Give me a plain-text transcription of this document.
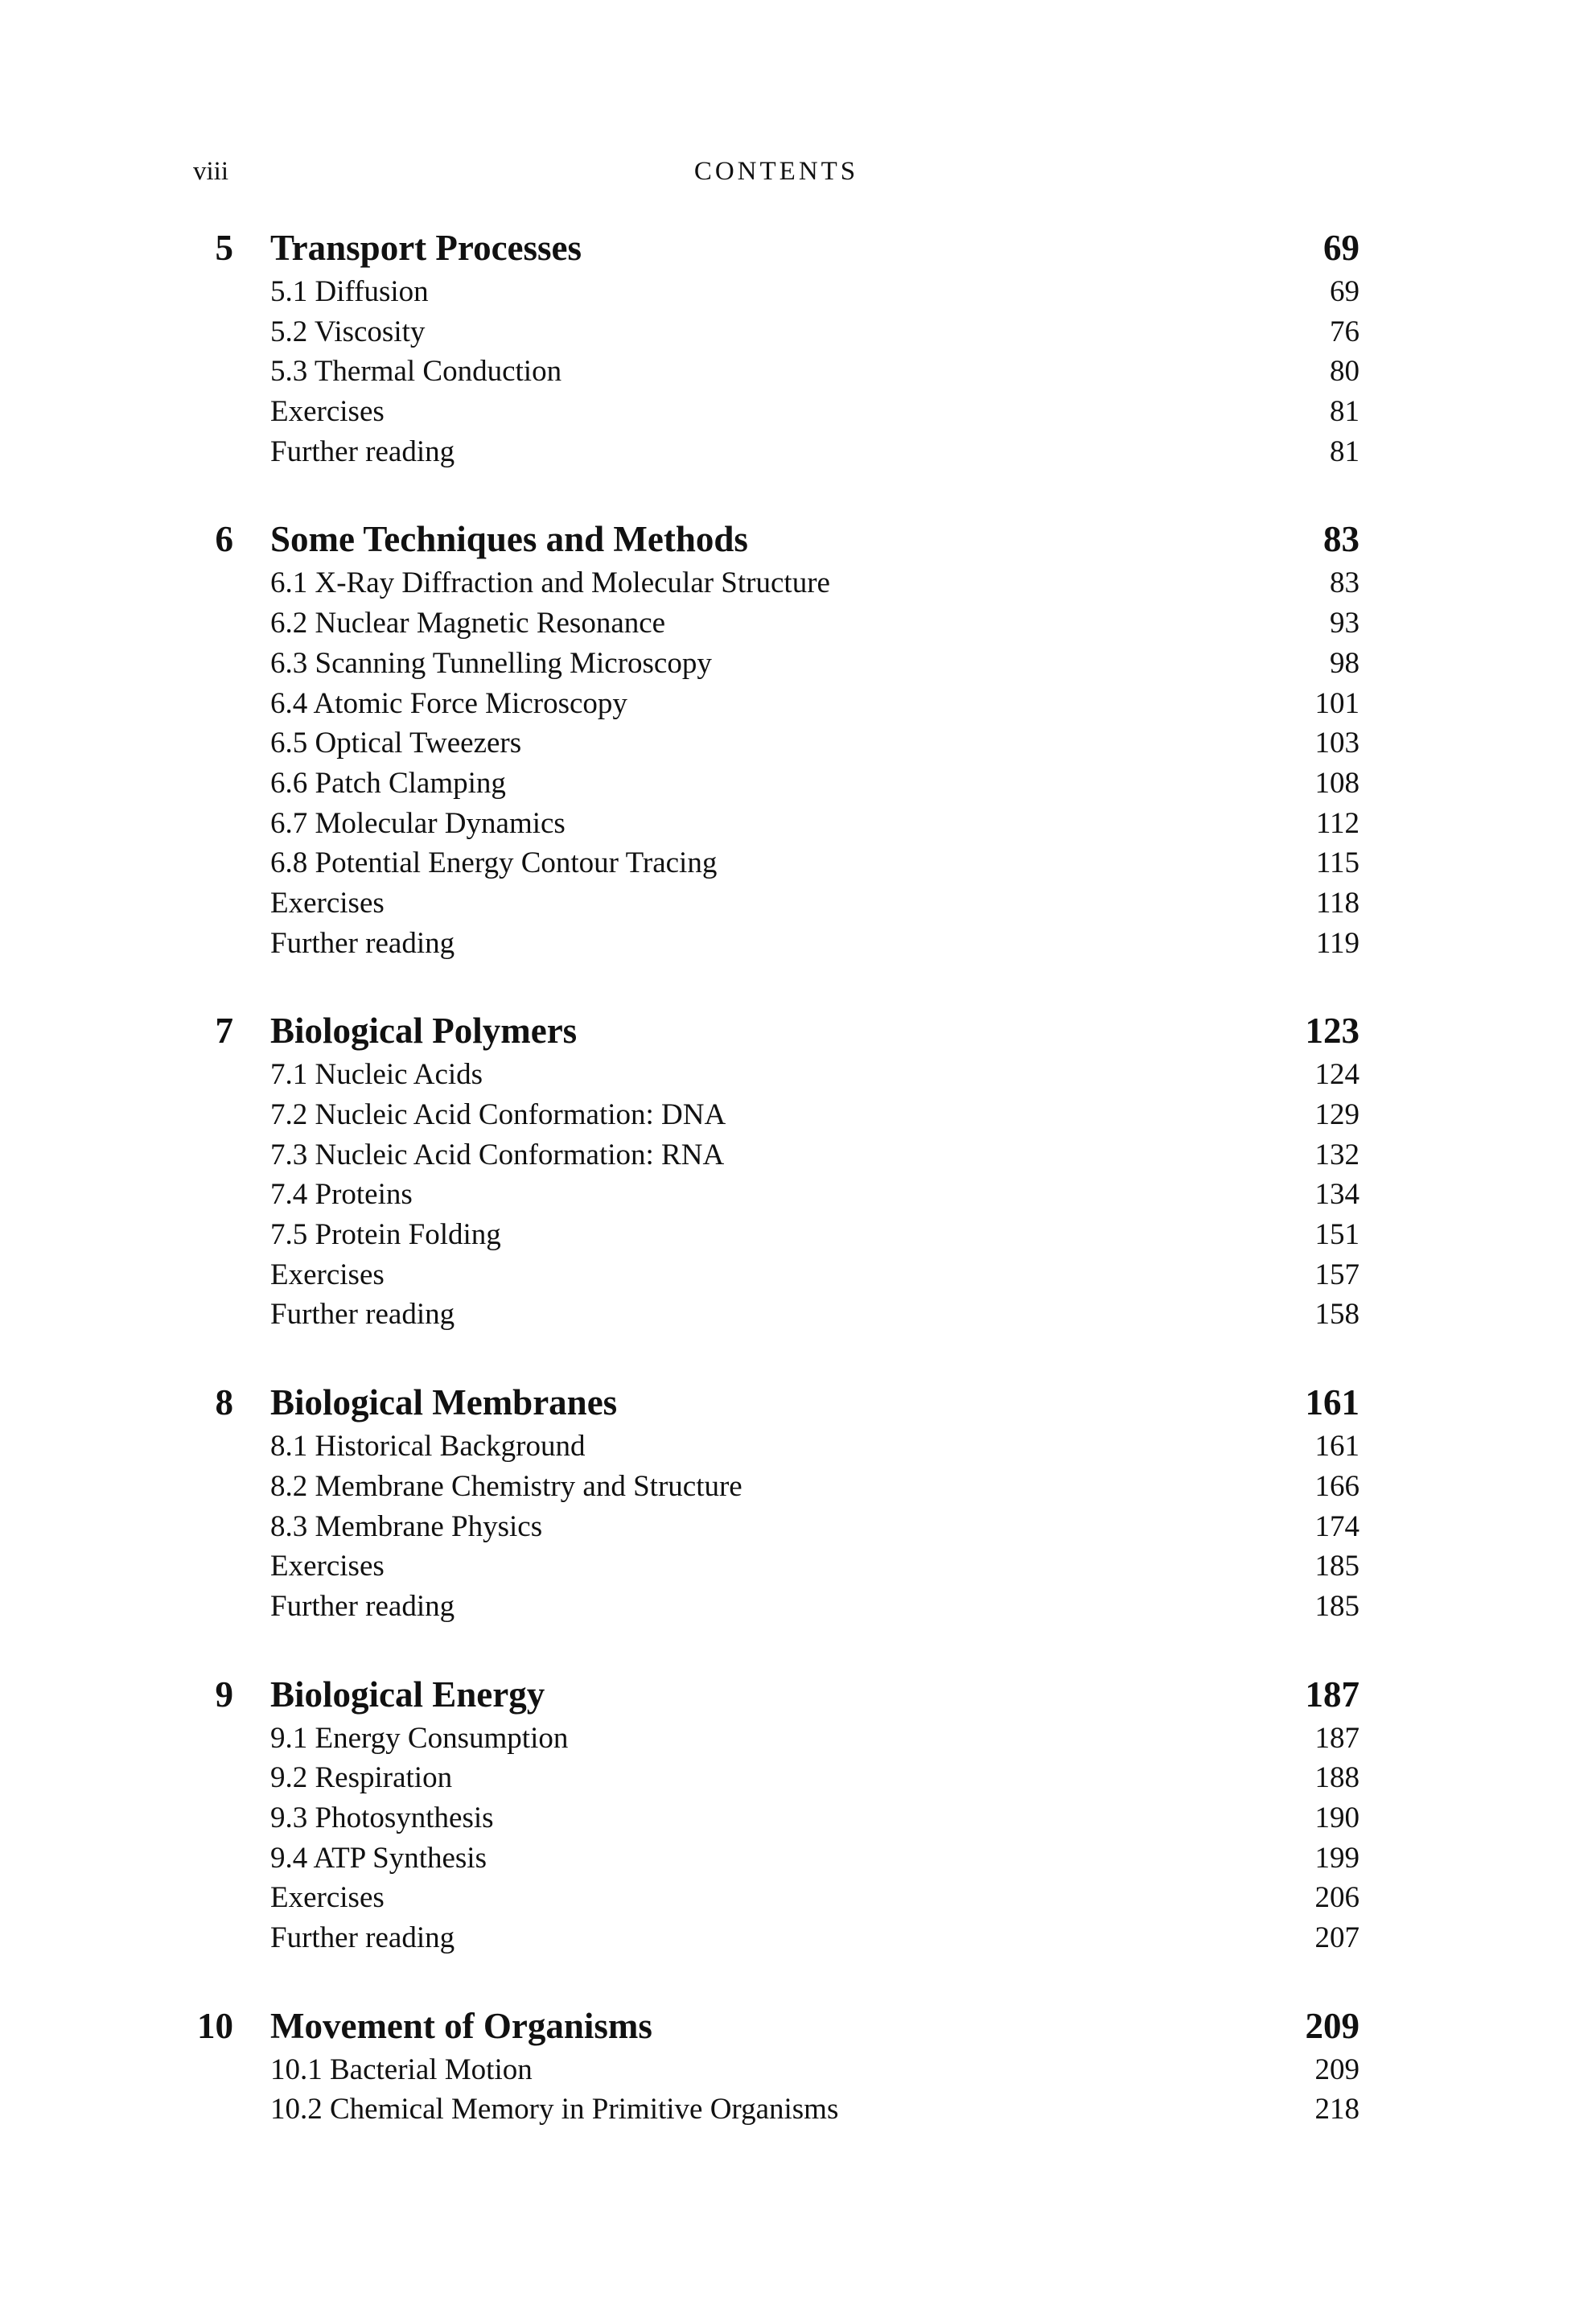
viii	CONTENTS
5 Transport Processes	69
5.1 Diffusion	69
5.2 Viscosity	76
5.3 Thermal Conduction	80
Exercises	81
Further reading	81
6 Some Techniques and Methods	83
6.1 X-Ray Diffraction and Molecular Structure	83
6.2 Nuclear Magnetic Resonance	93
6.3 Scanning Tunnelling Microscopy	98
6.4 Atomic Force Microscopy	101
6.5 Optical Tweezers	103
6.6 Patch Clamping	108
6.7 Molecular Dynamics	112
6.8 Potential Energy Contour Tracing	115
Exercises	118
Further reading	119
7 Biological Polymers	123
7.1 Nucleic Acids	124
7.2 Nucleic Acid Conformation: DNA	129
7.3 Nucleic Acid Conformation: RNA	132
7.4 Proteins	134
7.5 Protein Folding	151
Exercises	157
Further reading	158
8 Biological Membranes	161
8.1 Historical Background	161
8.2 Membrane Chemistry and Structure	166
8.3 Membrane Physics	174
Exercises	185
Further reading	185
9 Biological Energy	187
9.1 Energy Consumption	187
9.2 Respiration	188
9.3 Photosynthesis	190
9.4 ATP Synthesis	199
Exercises	206
Further reading	207
10 Movement of Organisms	209
10.1 Bacterial Motion	209
10.2 Chemical Memory in Primitive Organisms	218
